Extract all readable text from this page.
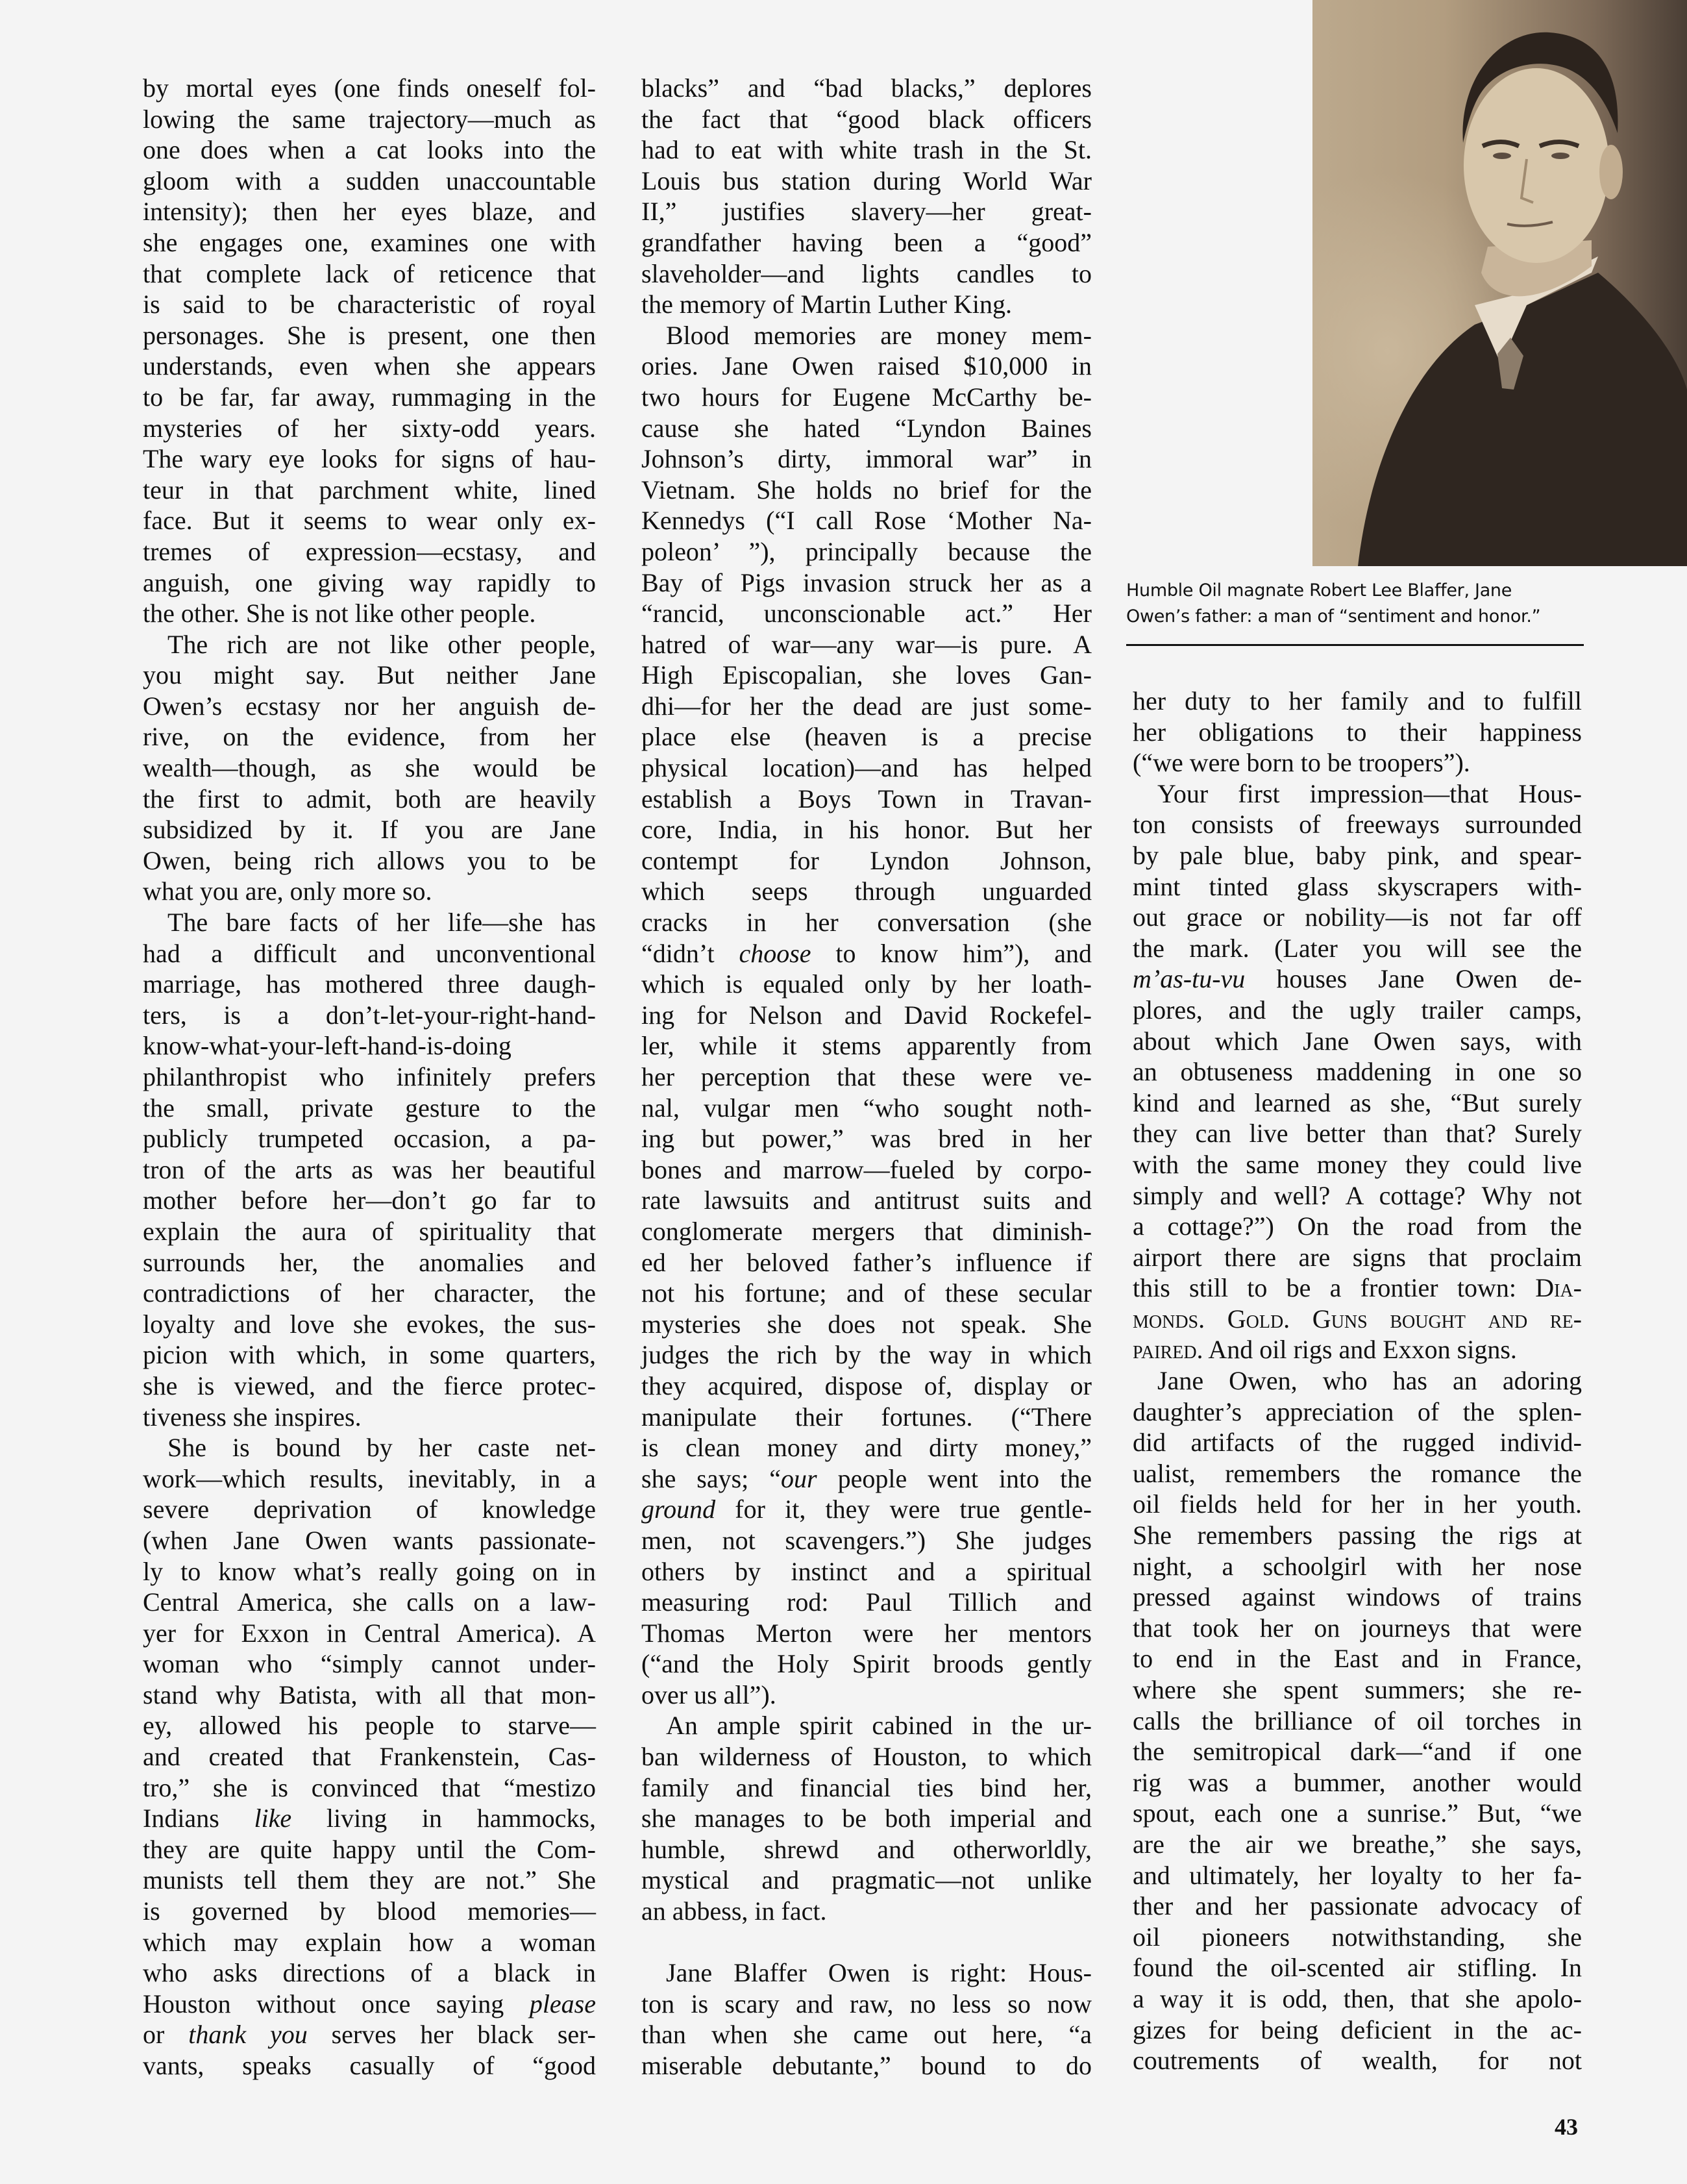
Humble Oil magnate Robert Lee Blaffer, Jane
Owen’s father: a man of “sentiment and honor.”
by mortal eyes (one finds oneself fol-
lowing the same trajectory—much as
one does when a cat looks into the
gloom with a sudden unaccountable
intensity); then her eyes blaze, and
she engages one, examines one with
that complete lack of reticence that
is said to be characteristic of royal
personages. She is present, one then
understands, even when she appears
to be far, far away, rummaging in the
mysteries of her sixty-odd years.
The wary eye looks for signs of hau-
teur in that parchment white, lined
face. But it seems to wear only ex-
tremes of expression—ecstasy, and
anguish, one giving way rapidly to
the other. She is not like other people.
The rich are not like other people,
you might say. But neither Jane
Owen’s ecstasy nor her anguish de-
rive, on the evidence, from her
wealth—though, as she would be
the first to admit, both are heavily
subsidized by it. If you are Jane
Owen, being rich allows you to be
what you are, only more so.
The bare facts of her life—she has
had a difficult and unconventional
marriage, has mothered three daugh-
ters, is a don’t-let-your-right-hand-
know-what-your-left-hand-is-doing
philanthropist who infinitely prefers
the small, private gesture to the
publicly trumpeted occasion, a pa-
tron of the arts as was her beautiful
mother before her—don’t go far to
explain the aura of spirituality that
surrounds her, the anomalies and
contradictions of her character, the
loyalty and love she evokes, the sus-
picion with which, in some quarters,
she is viewed, and the fierce protec-
tiveness she inspires.
She is bound by her caste net-
work—which results, inevitably, in a
severe deprivation of knowledge
(when Jane Owen wants passionate-
ly to know what’s really going on in
Central America, she calls on a law-
yer for Exxon in Central America). A
woman who “simply cannot under-
stand why Batista, with all that mon-
ey, allowed his people to starve—
and created that Frankenstein, Cas-
tro,” she is convinced that “mestizo
Indians like living in hammocks,
they are quite happy until the Com-
munists tell them they are not.” She
is governed by blood memories—
which may explain how a woman
who asks directions of a black in
Houston without once saying please
or thank you serves her black ser-
vants, speaks casually of “good
blacks” and “bad blacks,” deplores
the fact that “good black officers
had to eat with white trash in the St.
Louis bus station during World War
II,” justifies slavery—her great-
grandfather having been a “good”
slaveholder—and lights candles to
the memory of Martin Luther King.
Blood memories are money mem-
ories. Jane Owen raised $10,000 in
two hours for Eugene McCarthy be-
cause she hated “Lyndon Baines
Johnson’s dirty, immoral war” in
Vietnam. She holds no brief for the
Kennedys (“I call Rose ‘Mother Na-
poleon’ ”), principally because the
Bay of Pigs invasion struck her as a
“rancid, unconscionable act.” Her
hatred of war—any war—is pure. A
High Episcopalian, she loves Gan-
dhi—for her the dead are just some-
place else (heaven is a precise
physical location)—and has helped
establish a Boys Town in Travan-
core, India, in his honor. But her
contempt for Lyndon Johnson,
which seeps through unguarded
cracks in her conversation (she
“didn’t choose to know him”), and
which is equaled only by her loath-
ing for Nelson and David Rockefel-
ler, while it stems apparently from
her perception that these were ve-
nal, vulgar men “who sought noth-
ing but power,” was bred in her
bones and marrow—fueled by corpo-
rate lawsuits and antitrust suits and
conglomerate mergers that diminish-
ed her beloved father’s influence if
not his fortune; and of these secular
mysteries she does not speak. She
judges the rich by the way in which
they acquired, dispose of, display or
manipulate their fortunes. (“There
is clean money and dirty money,”
she says; “our people went into the
ground for it, they were true gentle-
men, not scavengers.”) She judges
others by instinct and a spiritual
measuring rod: Paul Tillich and
Thomas Merton were her mentors
(“and the Holy Spirit broods gently
over us all”).
An ample spirit cabined in the ur-
ban wilderness of Houston, to which
family and financial ties bind her,
she manages to be both imperial and
humble, shrewd and otherworldly,
mystical and pragmatic—not unlike
an abbess, in fact.
Jane Blaffer Owen is right: Hous-
ton is scary and raw, no less so now
than when she came out here, “a
miserable debutante,” bound to do
her duty to her family and to fulfill
her obligations to their happiness
(“we were born to be troopers”).
Your first impression—that Hous-
ton consists of freeways surrounded
by pale blue, baby pink, and spear-
mint tinted glass skyscrapers with-
out grace or nobility—is not far off
the mark. (Later you will see the
m’as-tu-vu houses Jane Owen de-
plores, and the ugly trailer camps,
about which Jane Owen says, with
an obtuseness maddening in one so
kind and learned as she, “But surely
they can live better than that? Surely
with the same money they could live
simply and well? A cottage? Why not
a cottage?”) On the road from the
airport there are signs that proclaim
this still to be a frontier town: Dia-
monds. Gold. Guns bought and re-
paired. And oil rigs and Exxon signs.
Jane Owen, who has an adoring
daughter’s appreciation of the splen-
did artifacts of the rugged individ-
ualist, remembers the romance the
oil fields held for her in her youth.
She remembers passing the rigs at
night, a schoolgirl with her nose
pressed against windows of trains
that took her on journeys that were
to end in the East and in France,
where she spent summers; she re-
calls the brilliance of oil torches in
the semitropical dark—“and if one
rig was a bummer, another would
spout, each one a sunrise.” But, “we
are the air we breathe,” she says,
and ultimately, her loyalty to her fa-
ther and her passionate advocacy of
oil pioneers notwithstanding, she
found the oil-scented air stifling. In
a way it is odd, then, that she apolo-
gizes for being deficient in the ac-
coutrements of wealth, for not
43
